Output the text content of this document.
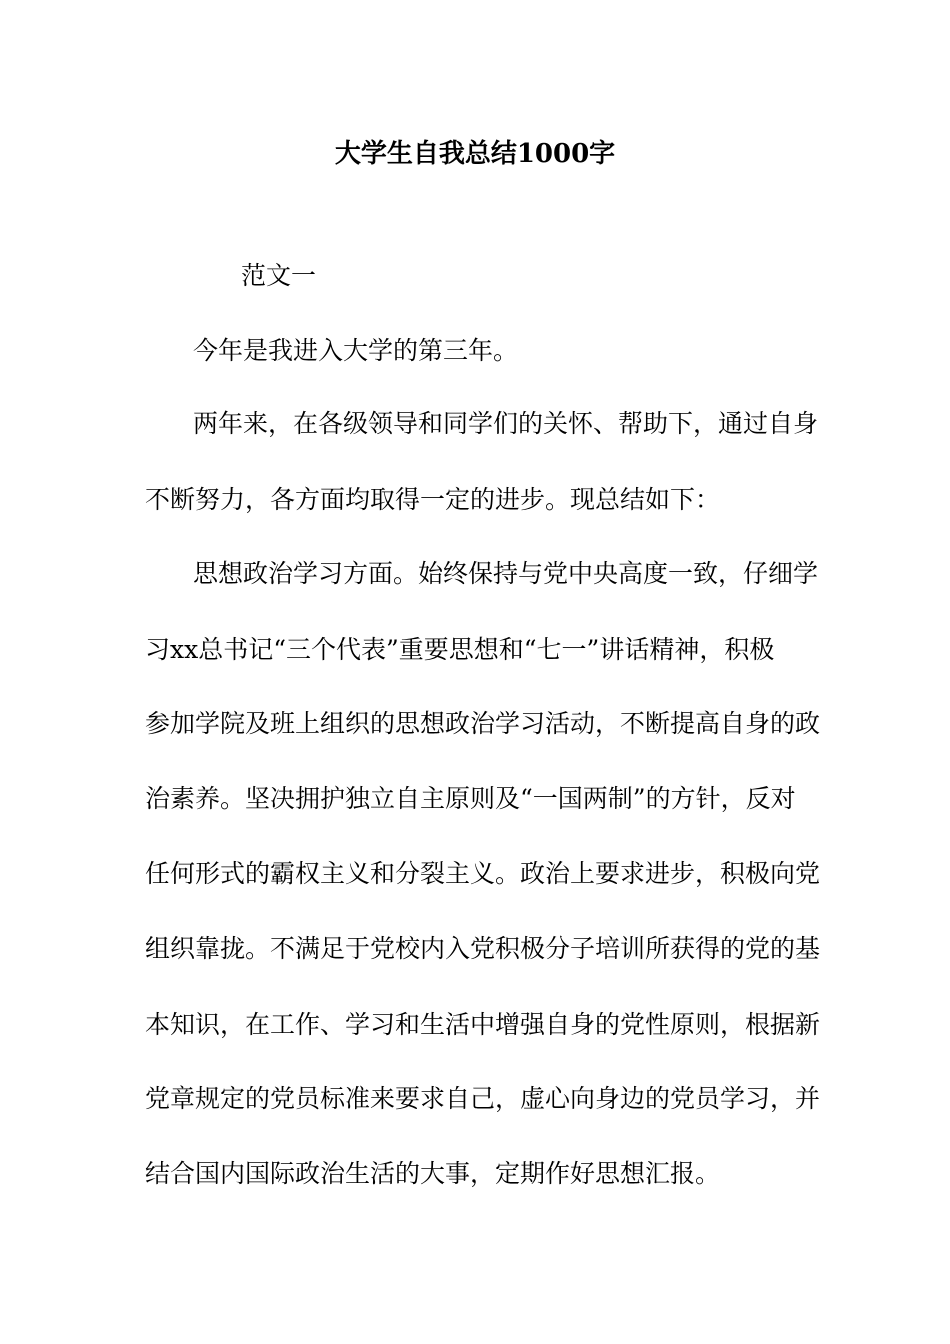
大学生自我总结1000字
范文一
今年是我进入大学的第三年。
两年来，在各级领导和同学们的关怀、帮助下，通过自身
不断努力，各方面均取得一定的进步。现总结如下：
思想政治学习方面。始终保持与党中央高度一致，仔细学
习xx总书记“三个代表”重要思想和“七一”讲话精神，积极
参加学院及班上组织的思想政治学习活动，不断提高自身的政
治素养。坚决拥护独立自主原则及“一国两制”的方针，反对
任何形式的霸权主义和分裂主义。政治上要求进步，积极向党
组织靠拢。不满足于党校内入党积极分子培训所获得的党的基
本知识，在工作、学习和生活中增强自身的党性原则，根据新
党章规定的党员标准来要求自己，虚心向身边的党员学习，并
结合国内国际政治生活的大事，定期作好思想汇报。
